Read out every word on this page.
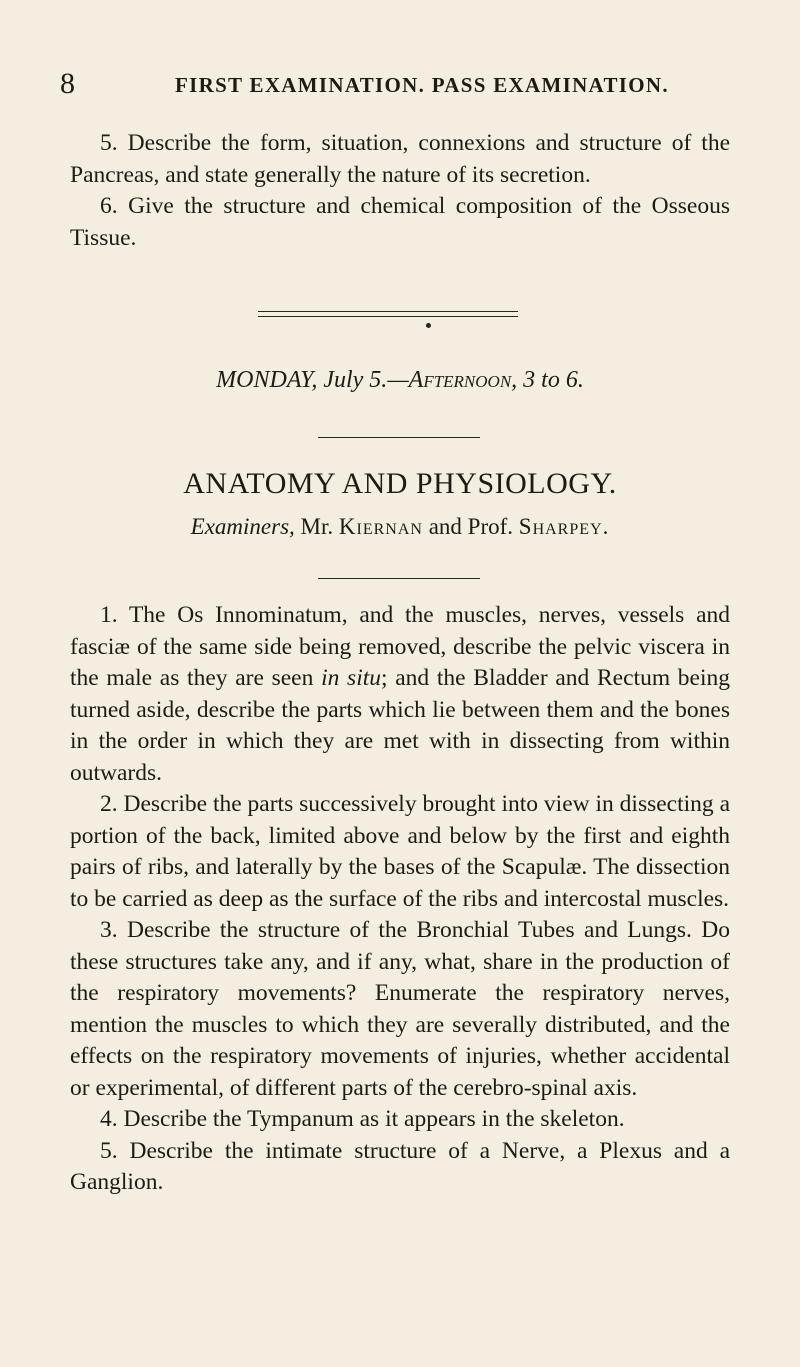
8	FIRST EXAMINATION. PASS EXAMINATION.

5. Describe the form, situation, connexions and structure of the Pancreas, and state generally the nature of its secretion.

6. Give the structure and chemical composition of the Osseous Tissue.

MONDAY, July 5.—Afternoon, 3 to 6.
ANATOMY AND PHYSIOLOGY.
Examiners, Mr. Kiernan and Prof. Sharpey.

1. The Os Innominatum, and the muscles, nerves, vessels and fasciæ of the same side being removed, describe the pelvic viscera in the male as they are seen in situ; and the Bladder and Rectum being turned aside, describe the parts which lie between them and the bones in the order in which they are met with in dissecting from within outwards.

2. Describe the parts successively brought into view in dissecting a portion of the back, limited above and below by the first and eighth pairs of ribs, and laterally by the bases of the Scapulæ. The dissection to be carried as deep as the surface of the ribs and intercostal muscles.

3. Describe the structure of the Bronchial Tubes and Lungs. Do these structures take any, and if any, what, share in the production of the respiratory movements? Enumerate the respiratory nerves, mention the muscles to which they are severally distributed, and the effects on the respiratory movements of injuries, whether accidental or experimental, of different parts of the cerebro-spinal axis.

4. Describe the Tympanum as it appears in the skeleton.

5. Describe the intimate structure of a Nerve, a Plexus and a Ganglion.
